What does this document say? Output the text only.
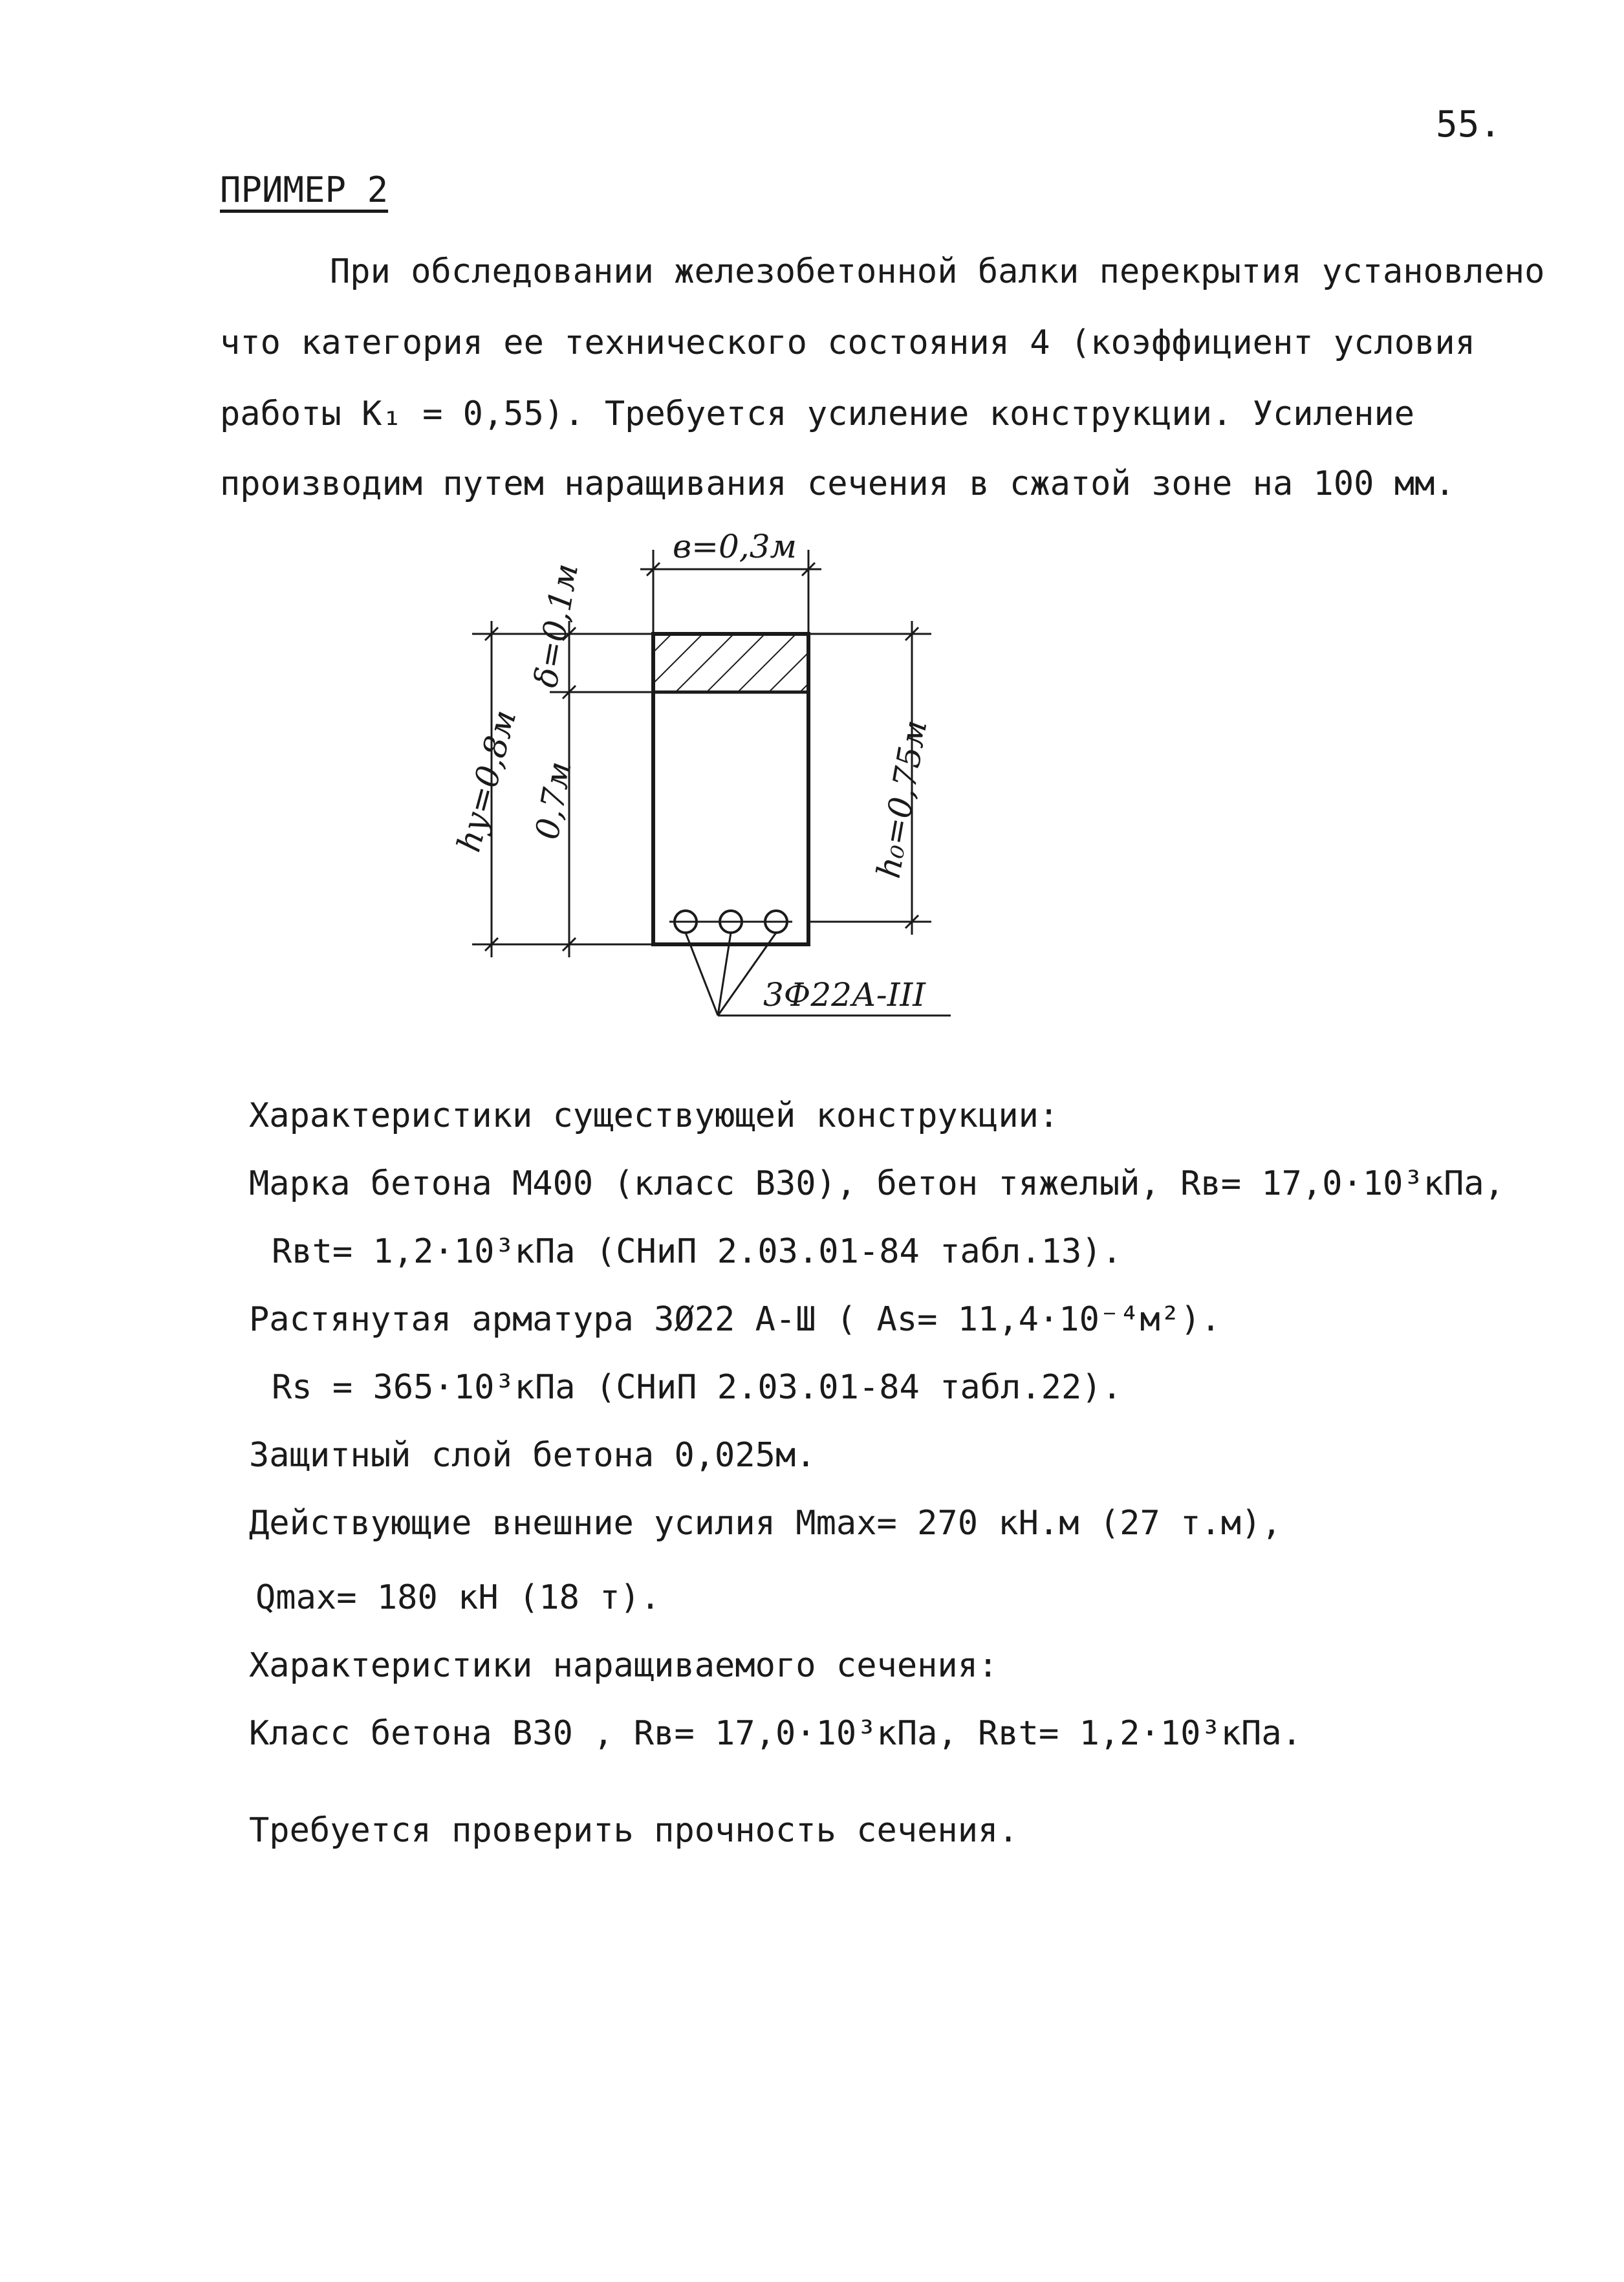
55.
ПРИМЕР 2
При обследовании железобетонной балки перекрытия установлено
что категория ее технического состояния 4 (коэффициент условия
работы K₁ = 0,55). Требуется усиление конструкции. Усиление
производим путем наращивания сечения в сжатой зоне на 100 мм.
в=0,3м
hу=0,8м 0,7м
δ=0,1м
h₀=0,75м
3Ф22А-III
Характеристики существующей конструкции:
Марка бетона М400 (класс В30), бетон тяжелый, Rв= 17,0·10³кПа,
Rвt= 1,2·10³кПа (СНиП 2.03.01-84 табл.13).
Растянутая арматура 3Ø22 А-Ш ( As= 11,4·10⁻⁴м²).
Rs = 365·10³кПа (СНиП 2.03.01-84 табл.22).
Защитный слой бетона 0,025м.
Действующие внешние усилия Mmax= 270 кН.м (27 т.м),
Qmax= 180 кН (18 т).
Характеристики наращиваемого сечения:
Класс бетона В30 , Rв= 17,0·10³кПа, Rвt= 1,2·10³кПа.
Требуется проверить прочность сечения.
